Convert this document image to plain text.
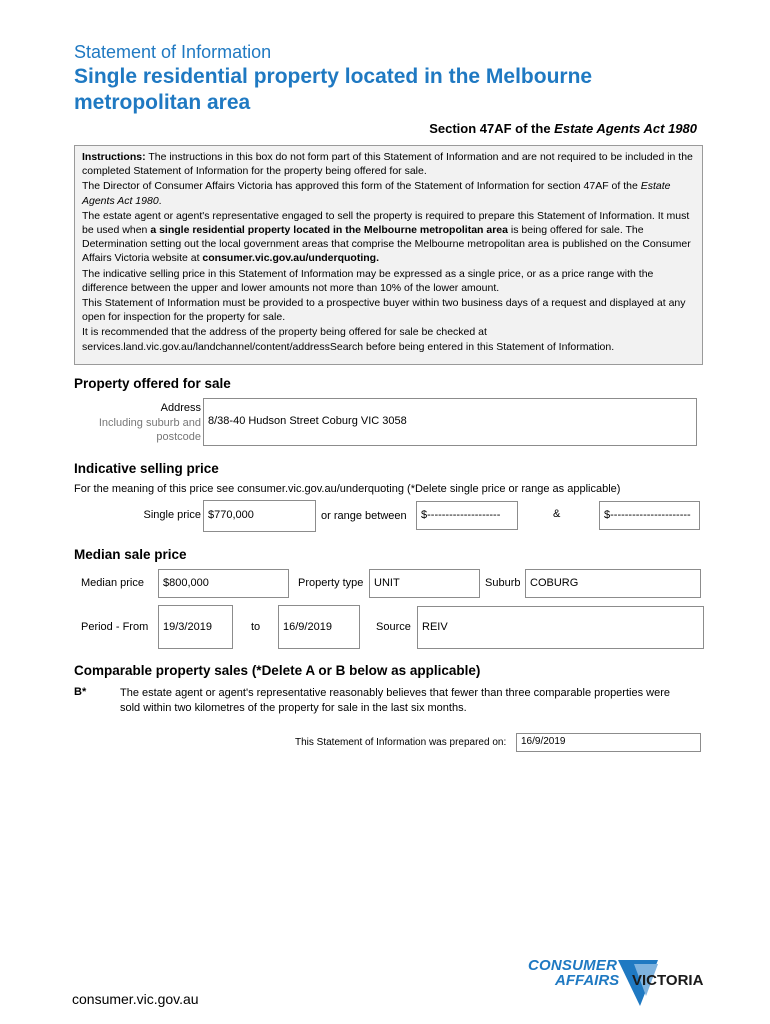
Statement of Information
Single residential property located in the Melbourne metropolitan area
Section 47AF of the Estate Agents Act 1980

Instructions: The instructions in this box do not form part of this Statement of Information and are not required to be included in the completed Statement of Information for the property being offered for sale.

The Director of Consumer Affairs Victoria has approved this form of the Statement of Information for section 47AF of the Estate Agents Act 1980.

The estate agent or agent's representative engaged to sell the property is required to prepare this Statement of Information. It must be used when a single residential property located in the Melbourne metropolitan area is being offered for sale. The Determination setting out the local government areas that comprise the Melbourne metropolitan area is published on the Consumer Affairs Victoria website at consumer.vic.gov.au/underquoting.

The indicative selling price in this Statement of Information may be expressed as a single price, or as a price range with the difference between the upper and lower amounts not more than 10% of the lower amount.

This Statement of Information must be provided to a prospective buyer within two business days of a request and displayed at any open for inspection for the property for sale.

It is recommended that the address of the property being offered for sale be checked at services.land.vic.gov.au/landchannel/content/addressSearch before being entered in this Statement of Information.

Property offered for sale
Address
Including suburb and
postcode
8/38-40 Hudson Street Coburg VIC 3058
Indicative selling price
For the meaning of this price see consumer.vic.gov.au/underquoting (*Delete single price or range as applicable)
Single price $770,000	or range between	$--------------------	&	$----------------------
Median sale price
Median price	$800,000	Property type UNIT	Suburb COBURG
Period - From	19/3/2019	to	16/9/2019	Source	REIV
Comparable property sales (*Delete A or B below as applicable)
B*	The estate agent or agent's representative reasonably believes that fewer than three comparable properties were sold within two kilometres of the property for sale in the last six months.
This Statement of Information was prepared on:	16/9/2019
consumer.vic.gov.au
CONSUMER
AFFAIRS VICTORIA
